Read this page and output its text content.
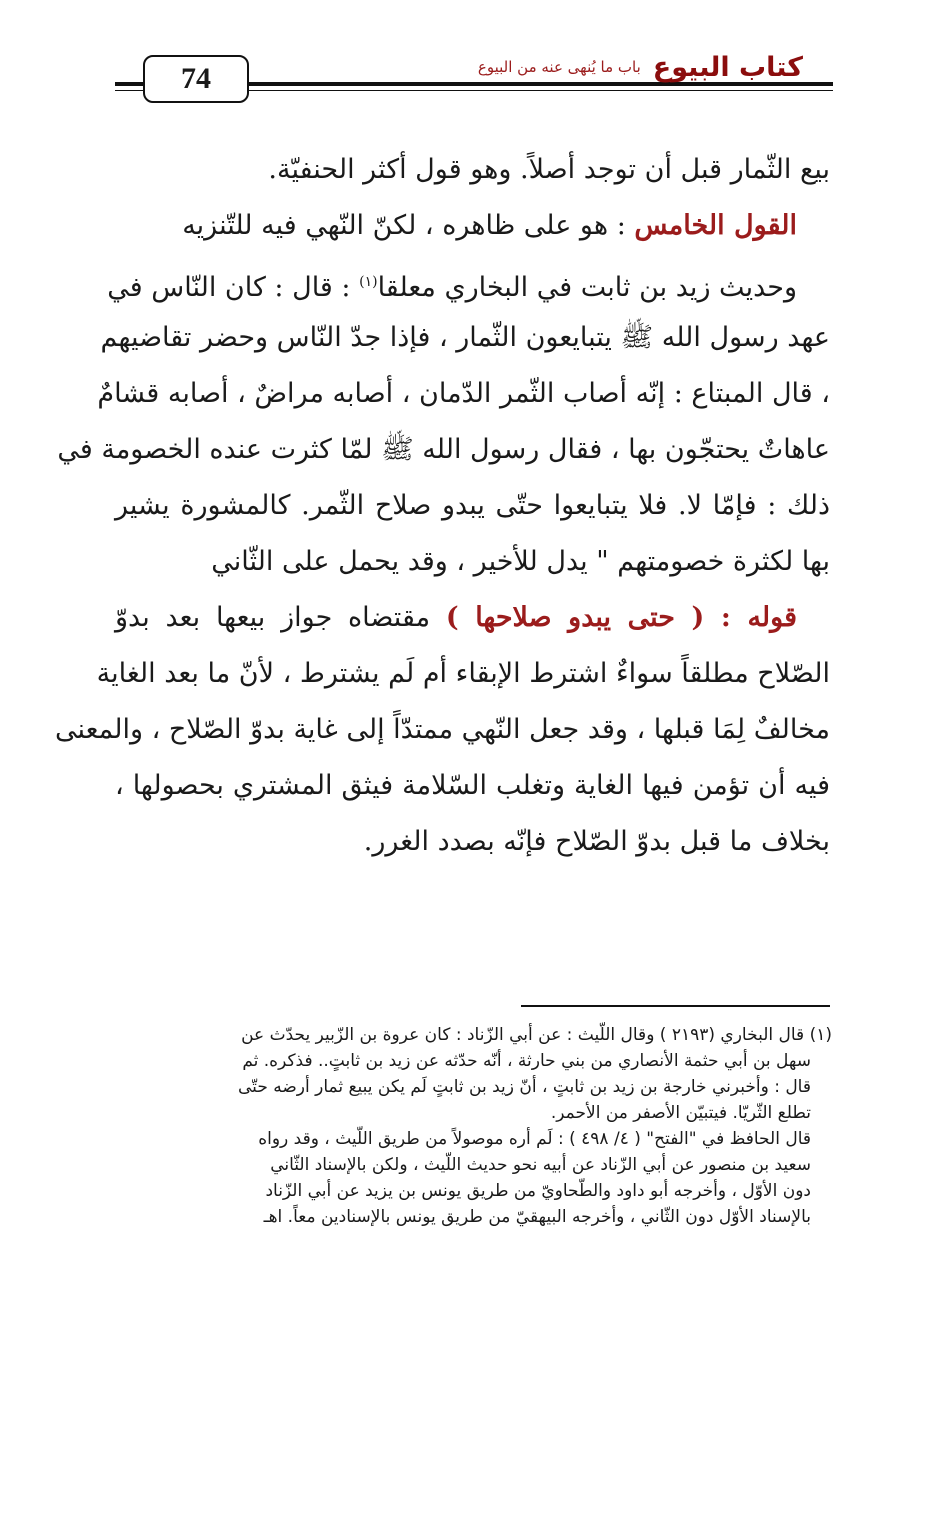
74	كتاب البيوع
باب ما يُنهى عنه من البيوع
بيع الثّمار قبل أن توجد أصلاً. وهو قول أكثر الحنفيّة.
القول الخامس : هو على ظاهره ، لكنّ النّهي فيه للتّنزيه
وحديث زيد بن ثابت في البخاري معلقا$^{(١)}$ : قال : كان النّاس في
عهد رسول الله ﷺ يتبايعون الثّمار ، فإذا جدّ النّاس وحضر تقاضيهم
، قال المبتاع : إنّه أصاب الثّمر الدّمان ، أصابه مراضٌ ، أصابه قشامٌ
عاهاتٌ يحتجّون بها ، فقال رسول الله ﷺ لمّا كثرت عنده الخصومة في
ذلك : فإمّا لا. فلا يتبايعوا حتّى يبدو صلاح الثّمر. كالمشورة يشير
بها لكثرة خصومتهم " يدل للأخير ، وقد يحمل على الثّاني
قوله : ( حتى يبدو صلاحها ) مقتضاه جواز بيعها بعد بدوّ
الصّلاح مطلقاً سواءٌ اشترط الإبقاء أم لَم يشترط ، لأنّ ما بعد الغاية
مخالفٌ لِمَا قبلها ، وقد جعل النّهي ممتدّاً إلى غاية بدوّ الصّلاح ، والمعنى
فيه أن تؤمن فيها الغاية وتغلب السّلامة فيثق المشتري بحصولها ،
بخلاف ما قبل بدوّ الصّلاح فإنّه بصدد الغرر.
(١) قال البخاري (٢١٩٣ ) وقال اللّيث : عن أبي الزّناد : كان عروة بن الزّبير يحدّث عن
سهل بن أبي حثمة الأنصاري من بني حارثة ، أنّه حدّثه عن زيد بن ثابتٍ.. فذكره. ثم
قال : وأخبرني خارجة بن زيد بن ثابتٍ ، أنّ زيد بن ثابتٍ لَم يكن يبيع ثمار أرضه حتّى
تطلع الثّريّا. فيتبيّن الأصفر من الأحمر.
قال الحافظ في "الفتح" ( ٤/ ٤٩٨ ) : لَم أره موصولاً من طريق اللّيث ، وقد رواه
سعيد بن منصور عن أبي الزّناد عن أبيه نحو حديث اللّيث ، ولكن بالإسناد الثّاني
دون الأوّل ، وأخرجه أبو داود والطّحاويّ من طريق يونس بن يزيد عن أبي الزّناد
بالإسناد الأوّل دون الثّاني ، وأخرجه البيهقيّ من طريق يونس بالإسنادين معاً. اهـ
